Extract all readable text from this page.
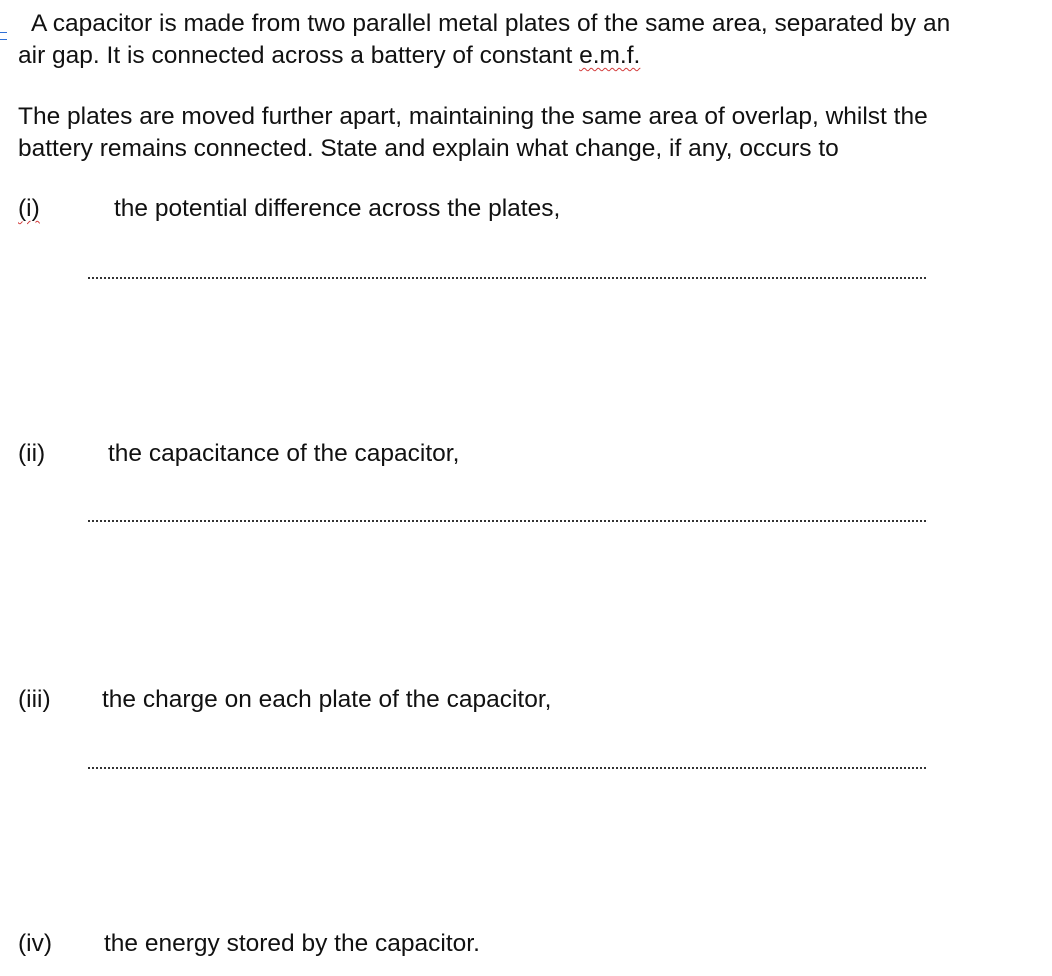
A capacitor is made from two parallel metal plates of the same area, separated by an
air gap. It is connected across a battery of constant e.m.f.
The plates are moved further apart, maintaining the same area of overlap, whilst the
battery remains connected. State and explain what change, if any, occurs to
(i)	the potential difference across the plates,
(ii)	the capacitance of the capacitor,
(iii) the charge on each plate of the capacitor,
(iv) the energy stored by the capacitor.
